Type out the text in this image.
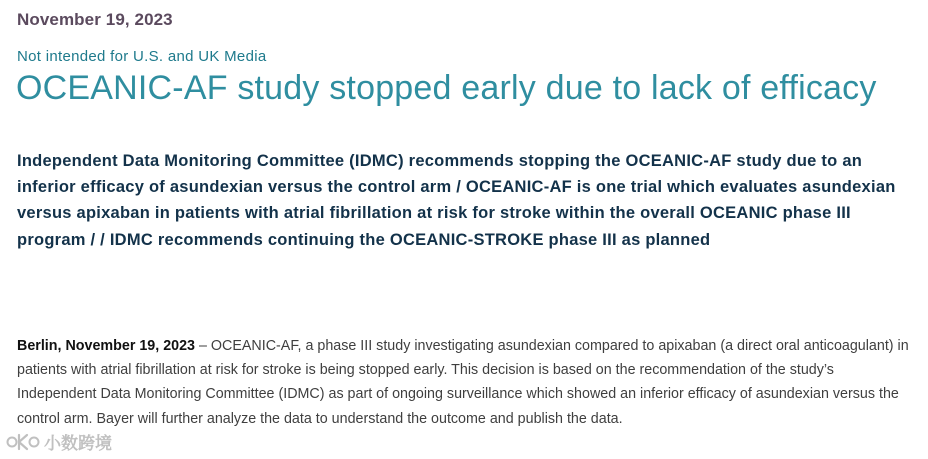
November 19, 2023
Not intended for U.S. and UK Media
OCEANIC-AF study stopped early due to lack of efficacy

Independent Data Monitoring Committee (IDMC) recommends stopping the OCEANIC-AF study due to an inferior efficacy of asundexian versus the control arm / OCEANIC-AF is one trial which evaluates asundexian versus apixaban in patients with atrial fibrillation at risk for stroke within the overall OCEANIC phase III program / / IDMC recommends continuing the OCEANIC-STROKE phase III as planned

Berlin, November 19, 2023 – OCEANIC-AF, a phase III study investigating asundexian compared to apixaban (a direct oral anticoagulant) in patients with atrial fibrillation at risk for stroke is being stopped early. This decision is based on the recommendation of the study’s Independent Data Monitoring Committee (IDMC) as part of ongoing surveillance which showed an inferior efficacy of asundexian versus the control arm. Bayer will further analyze the data to understand the outcome and publish the data.

小数跨境
